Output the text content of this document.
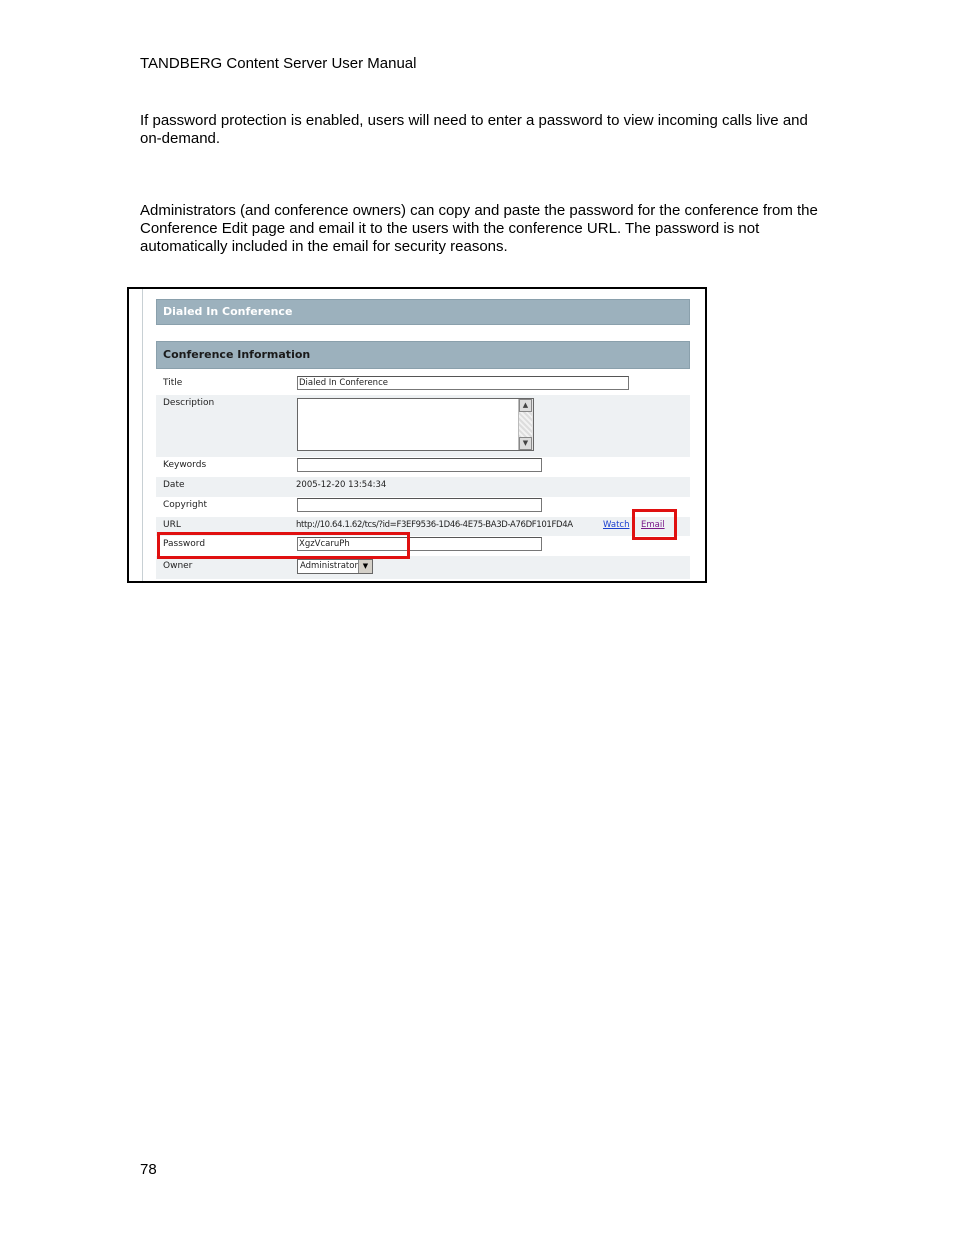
TANDBERG Content Server User Manual

If password protection is enabled, users will need to enter a password to view incoming calls live and on-demand.

Administrators (and conference owners) can copy and paste the password for the conference from the Conference Edit page and email it to the users with the conference URL. The password is not automatically included in the email for security reasons.

Dialed In Conference
Conference Information
Title	Dialed In Conference
Description	▲
▼
Keywords
Date	2005-12-20 13:54:34
Copyright
URL	http://10.64.1.62/tcs/?id=F3EF9536-1D46-4E75-BA3D-A76DF101FD4A	Watch Email
Password	XgzVcaruPh
Owner	Administrator ▼
78
